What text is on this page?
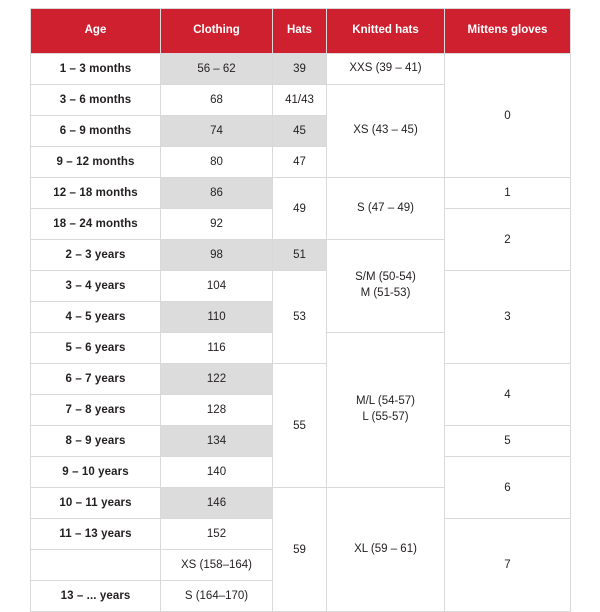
Age	Clothing	Hats	Knitted hats	Mittens gloves
1 – 3 months	56 – 62	39	XXS (39 – 41)	0
3 – 6 months	68	41/43	XS (43 – 45)	
6 – 9 months	74	45		
9 – 12 months	80	47		
12 – 18 months	86	49	S (47 – 49)	1
18 – 24 months	92			2
2 – 3 years	98	51	S/M (50-54)
M (51-53)	
3 – 4 years	104	53		3
4 – 5 years	110			
5 – 6 years	116		M/L (54-57)
L (55-57)	
6 – 7 years	122	55		4
7 – 8 years	128			
8 – 9 years	134			5
9 – 10 years	140			6
10 – 11 years	146	59	XL (59 – 61)	
11 – 13 years	152			7
	XS (158–164)			
13 – ... years	S (164–170)			
